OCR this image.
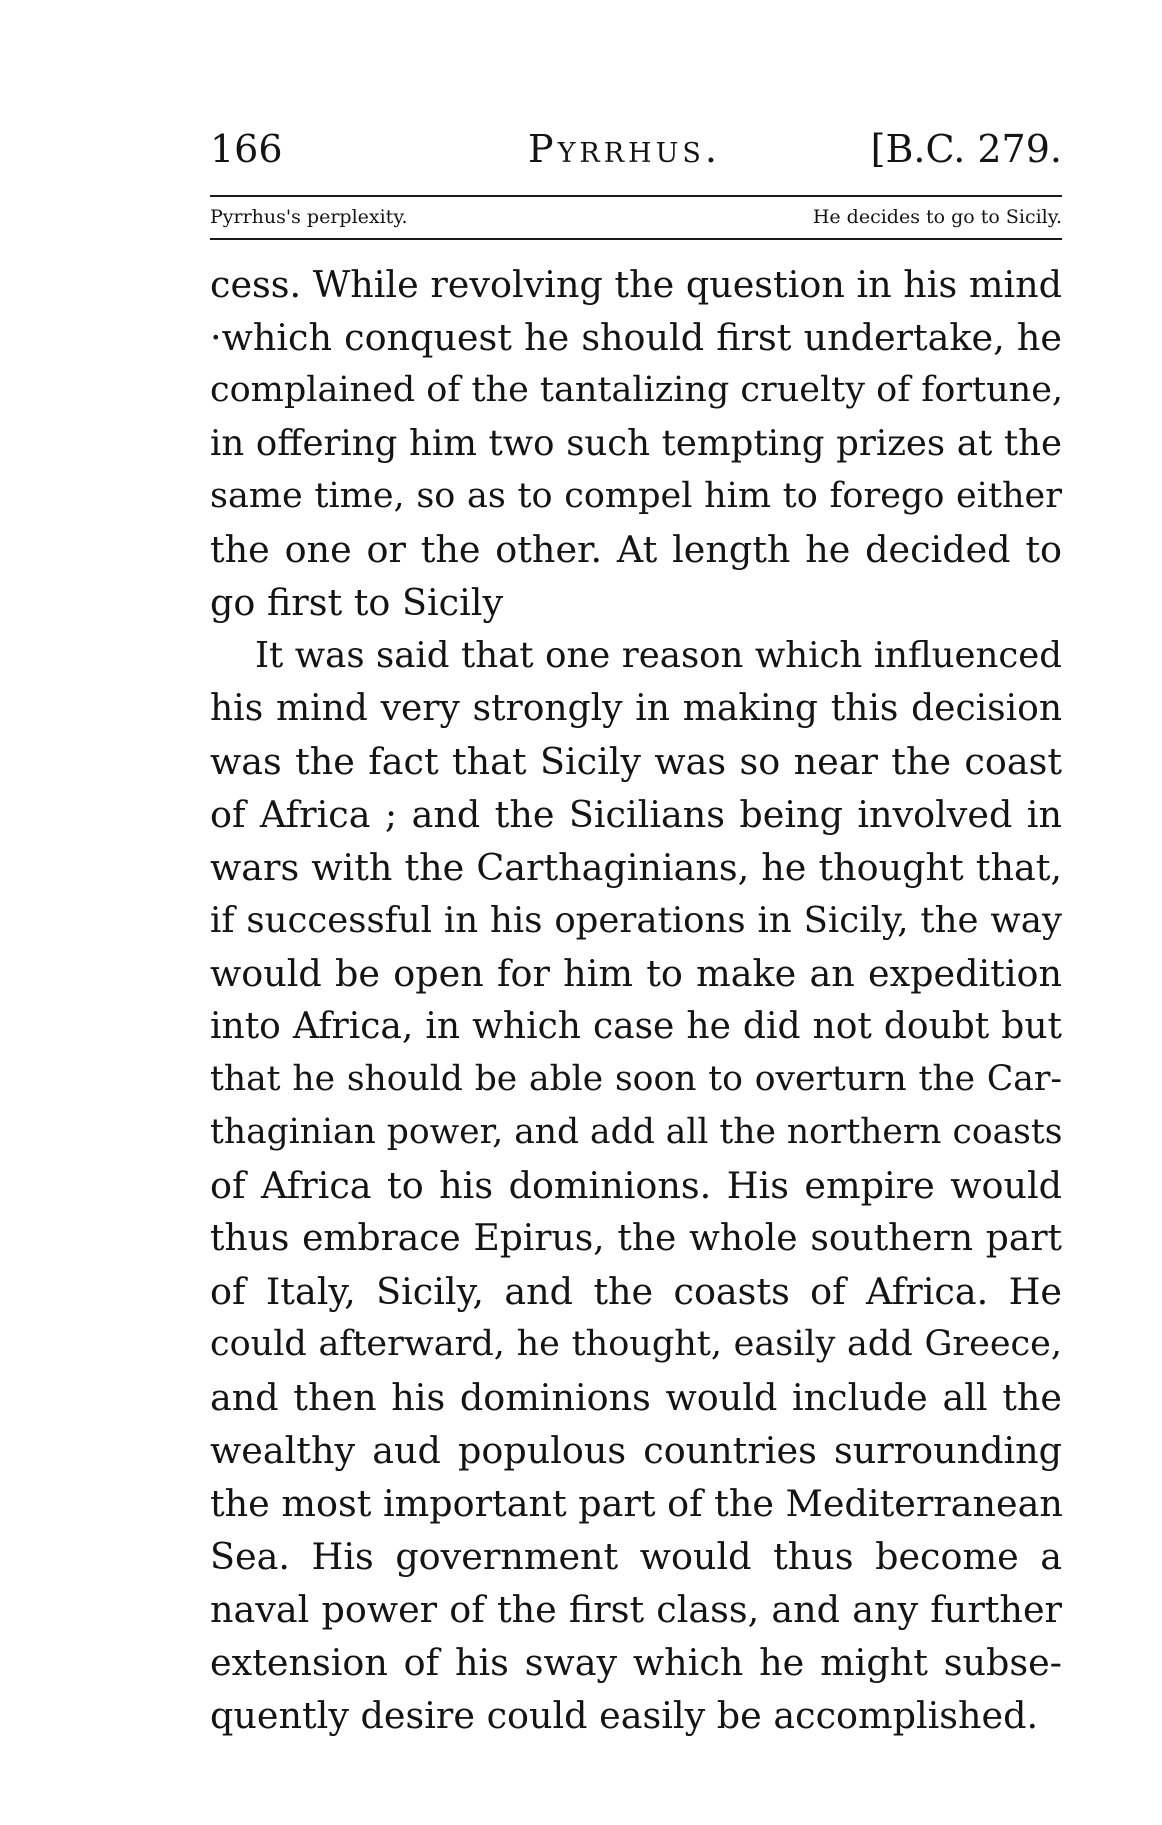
166	Pyrrhus.	[B.C. 279.
Pyrrhus's perplexity.	He decides to go to Sicily.
cess. While revolving the question in his mind
·which conquest he should first undertake, he
complained of the tantalizing cruelty of fortune,
in offering him two such tempting prizes at the
same time, so as to compel him to forego either
the one or the other. At length he decided to
go first to Sicily
It was said that one reason which influenced
his mind very strongly in making this decision
was the fact that Sicily was so near the coast
of Africa ; and the Sicilians being involved in
wars with the Carthaginians, he thought that,
if successful in his operations in Sicily, the way
would be open for him to make an expedition
into Africa, in which case he did not doubt but
that he should be able soon to overturn the Car-
thaginian power, and add all the northern coasts
of Africa to his dominions. His empire would
thus embrace Epirus, the whole southern part
of Italy, Sicily, and the coasts of Africa. He
could afterward, he thought, easily add Greece,
and then his dominions would include all the
wealthy aud populous countries surrounding
the most important part of the Mediterranean
Sea. His government would thus become a
naval power of the first class, and any further
extension of his sway which he might subse-
quently desire could easily be accomplished.
